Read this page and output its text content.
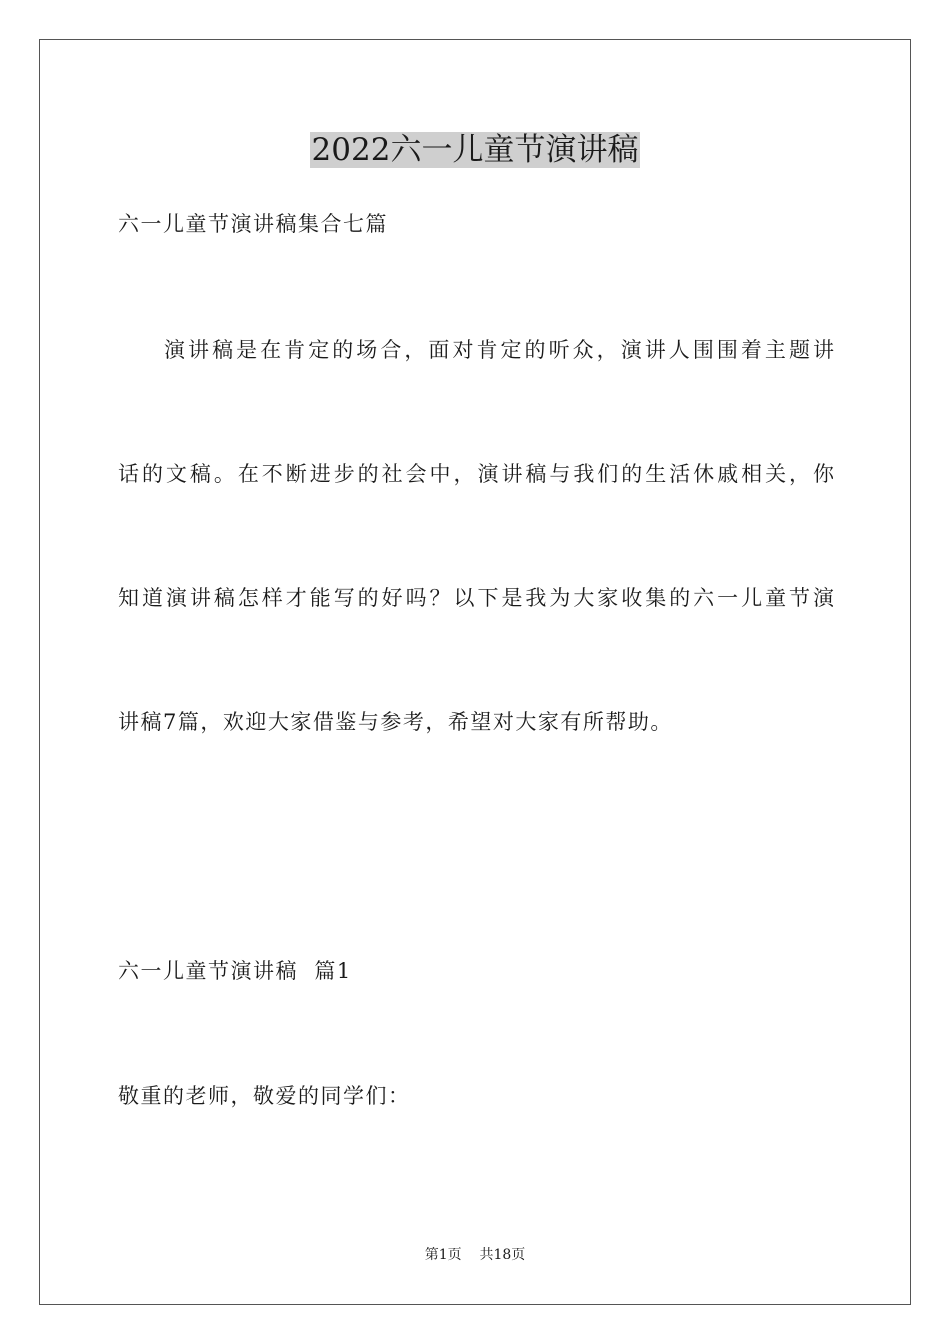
2022六一儿童节演讲稿
六一儿童节演讲稿集合七篇
演讲稿是在肯定的场合，面对肯定的听众，演讲人围围着主题讲
话的文稿。在不断进步的社会中，演讲稿与我们的生活休戚相关，你
知道演讲稿怎样才能写的好吗？以下是我为大家收集的六一儿童节演
讲稿7篇，欢迎大家借鉴与参考，希望对大家有所帮助。
六一儿童节演讲稿  篇1
敬重的老师，敬爱的同学们：
第1页    共18页
